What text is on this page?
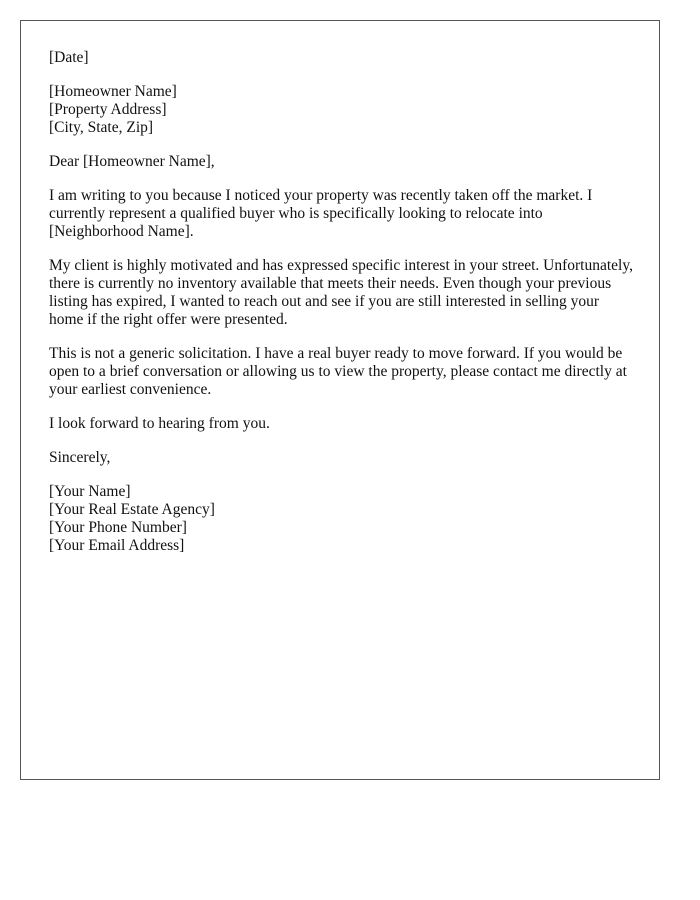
[Date]
[Homeowner Name]
[Property Address]
[City, State, Zip]
Dear [Homeowner Name],

I am writing to you because I noticed your property was recently taken off the market. I currently represent a qualified buyer who is specifically looking to relocate into [Neighborhood Name].

My client is highly motivated and has expressed specific interest in your street. Unfortunately, there is currently no inventory available that meets their needs. Even though your previous listing has expired, I wanted to reach out and see if you are still interested in selling your home if the right offer were presented.

This is not a generic solicitation. I have a real buyer ready to move forward. If you would be open to a brief conversation or allowing us to view the property, please contact me directly at your earliest convenience.

I look forward to hearing from you.

Sincerely,
[Your Name]
[Your Real Estate Agency]
[Your Phone Number]
[Your Email Address]
